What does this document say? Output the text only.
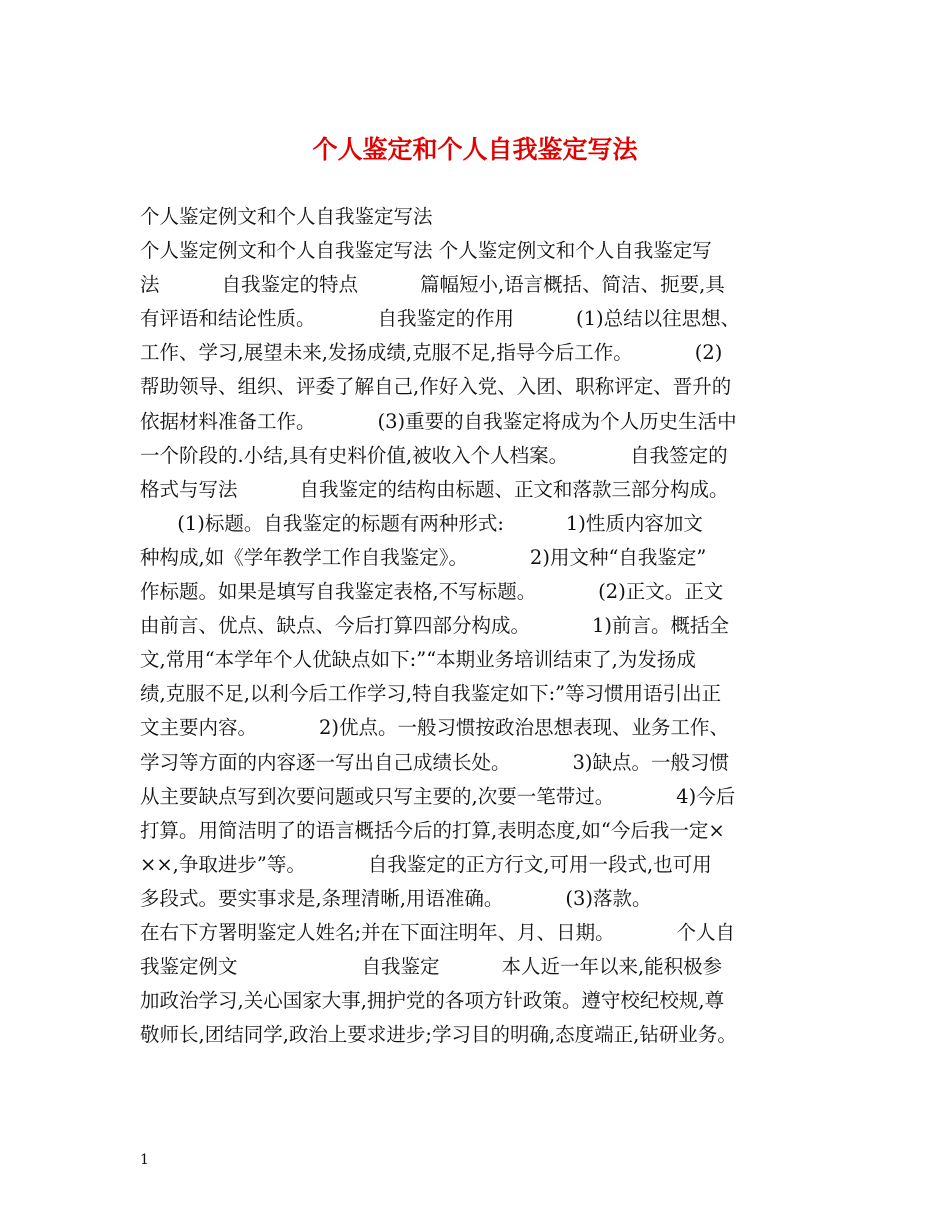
个人鉴定和个人自我鉴定写法
个人鉴定例文和个人自我鉴定写法
个人鉴定例文和个人自我鉴定写法 个人鉴定例文和个人自我鉴定写
法          自我鉴定的特点          篇幅短小,语言概括、简洁、扼要,具
有评语和结论性质。          自我鉴定的作用          (1)总结以往思想、
工作、学习,展望未来,发扬成绩,克服不足,指导今后工作。          (2)
帮助领导、组织、评委了解自己,作好入党、入团、职称评定、晋升的
依据材料准备工作。          (3)重要的自我鉴定将成为个人历史生活中
一个阶段的.小结,具有史料价值,被收入个人档案。          自我签定的
格式与写法          自我鉴定的结构由标题、正文和落款三部分构成。
(1)标题。自我鉴定的标题有两种形式:          1)性质内容加文
种构成,如《学年教学工作自我鉴定》。          2)用文种“自我鉴定”
作标题。如果是填写自我鉴定表格,不写标题。          (2)正文。正文
由前言、优点、缺点、今后打算四部分构成。          1)前言。概括全
文,常用“本学年个人优缺点如下:”“本期业务培训结束了,为发扬成
绩,克服不足,以利今后工作学习,特自我鉴定如下:”等习惯用语引出正
文主要内容。          2)优点。一般习惯按政治思想表现、业务工作、
学习等方面的内容逐一写出自己成绩长处。          3)缺点。一般习惯
从主要缺点写到次要问题或只写主要的,次要一笔带过。          4)今后
打算。用简洁明了的语言概括今后的打算,表明态度,如“今后我一定×
××,争取进步”等。          自我鉴定的正方行文,可用一段式,也可用
多段式。要实事求是,条理清晰,用语准确。          (3)落款。
在右下方署明鉴定人姓名;并在下面注明年、月、日期。          个人自
我鉴定例文                    自我鉴定          本人近一年以来,能积极参
加政治学习,关心国家大事,拥护党的各项方针政策。遵守校纪校规,尊
敬师长,团结同学,政治上要求进步;学习目的明确,态度端正,钻研业务。
1
